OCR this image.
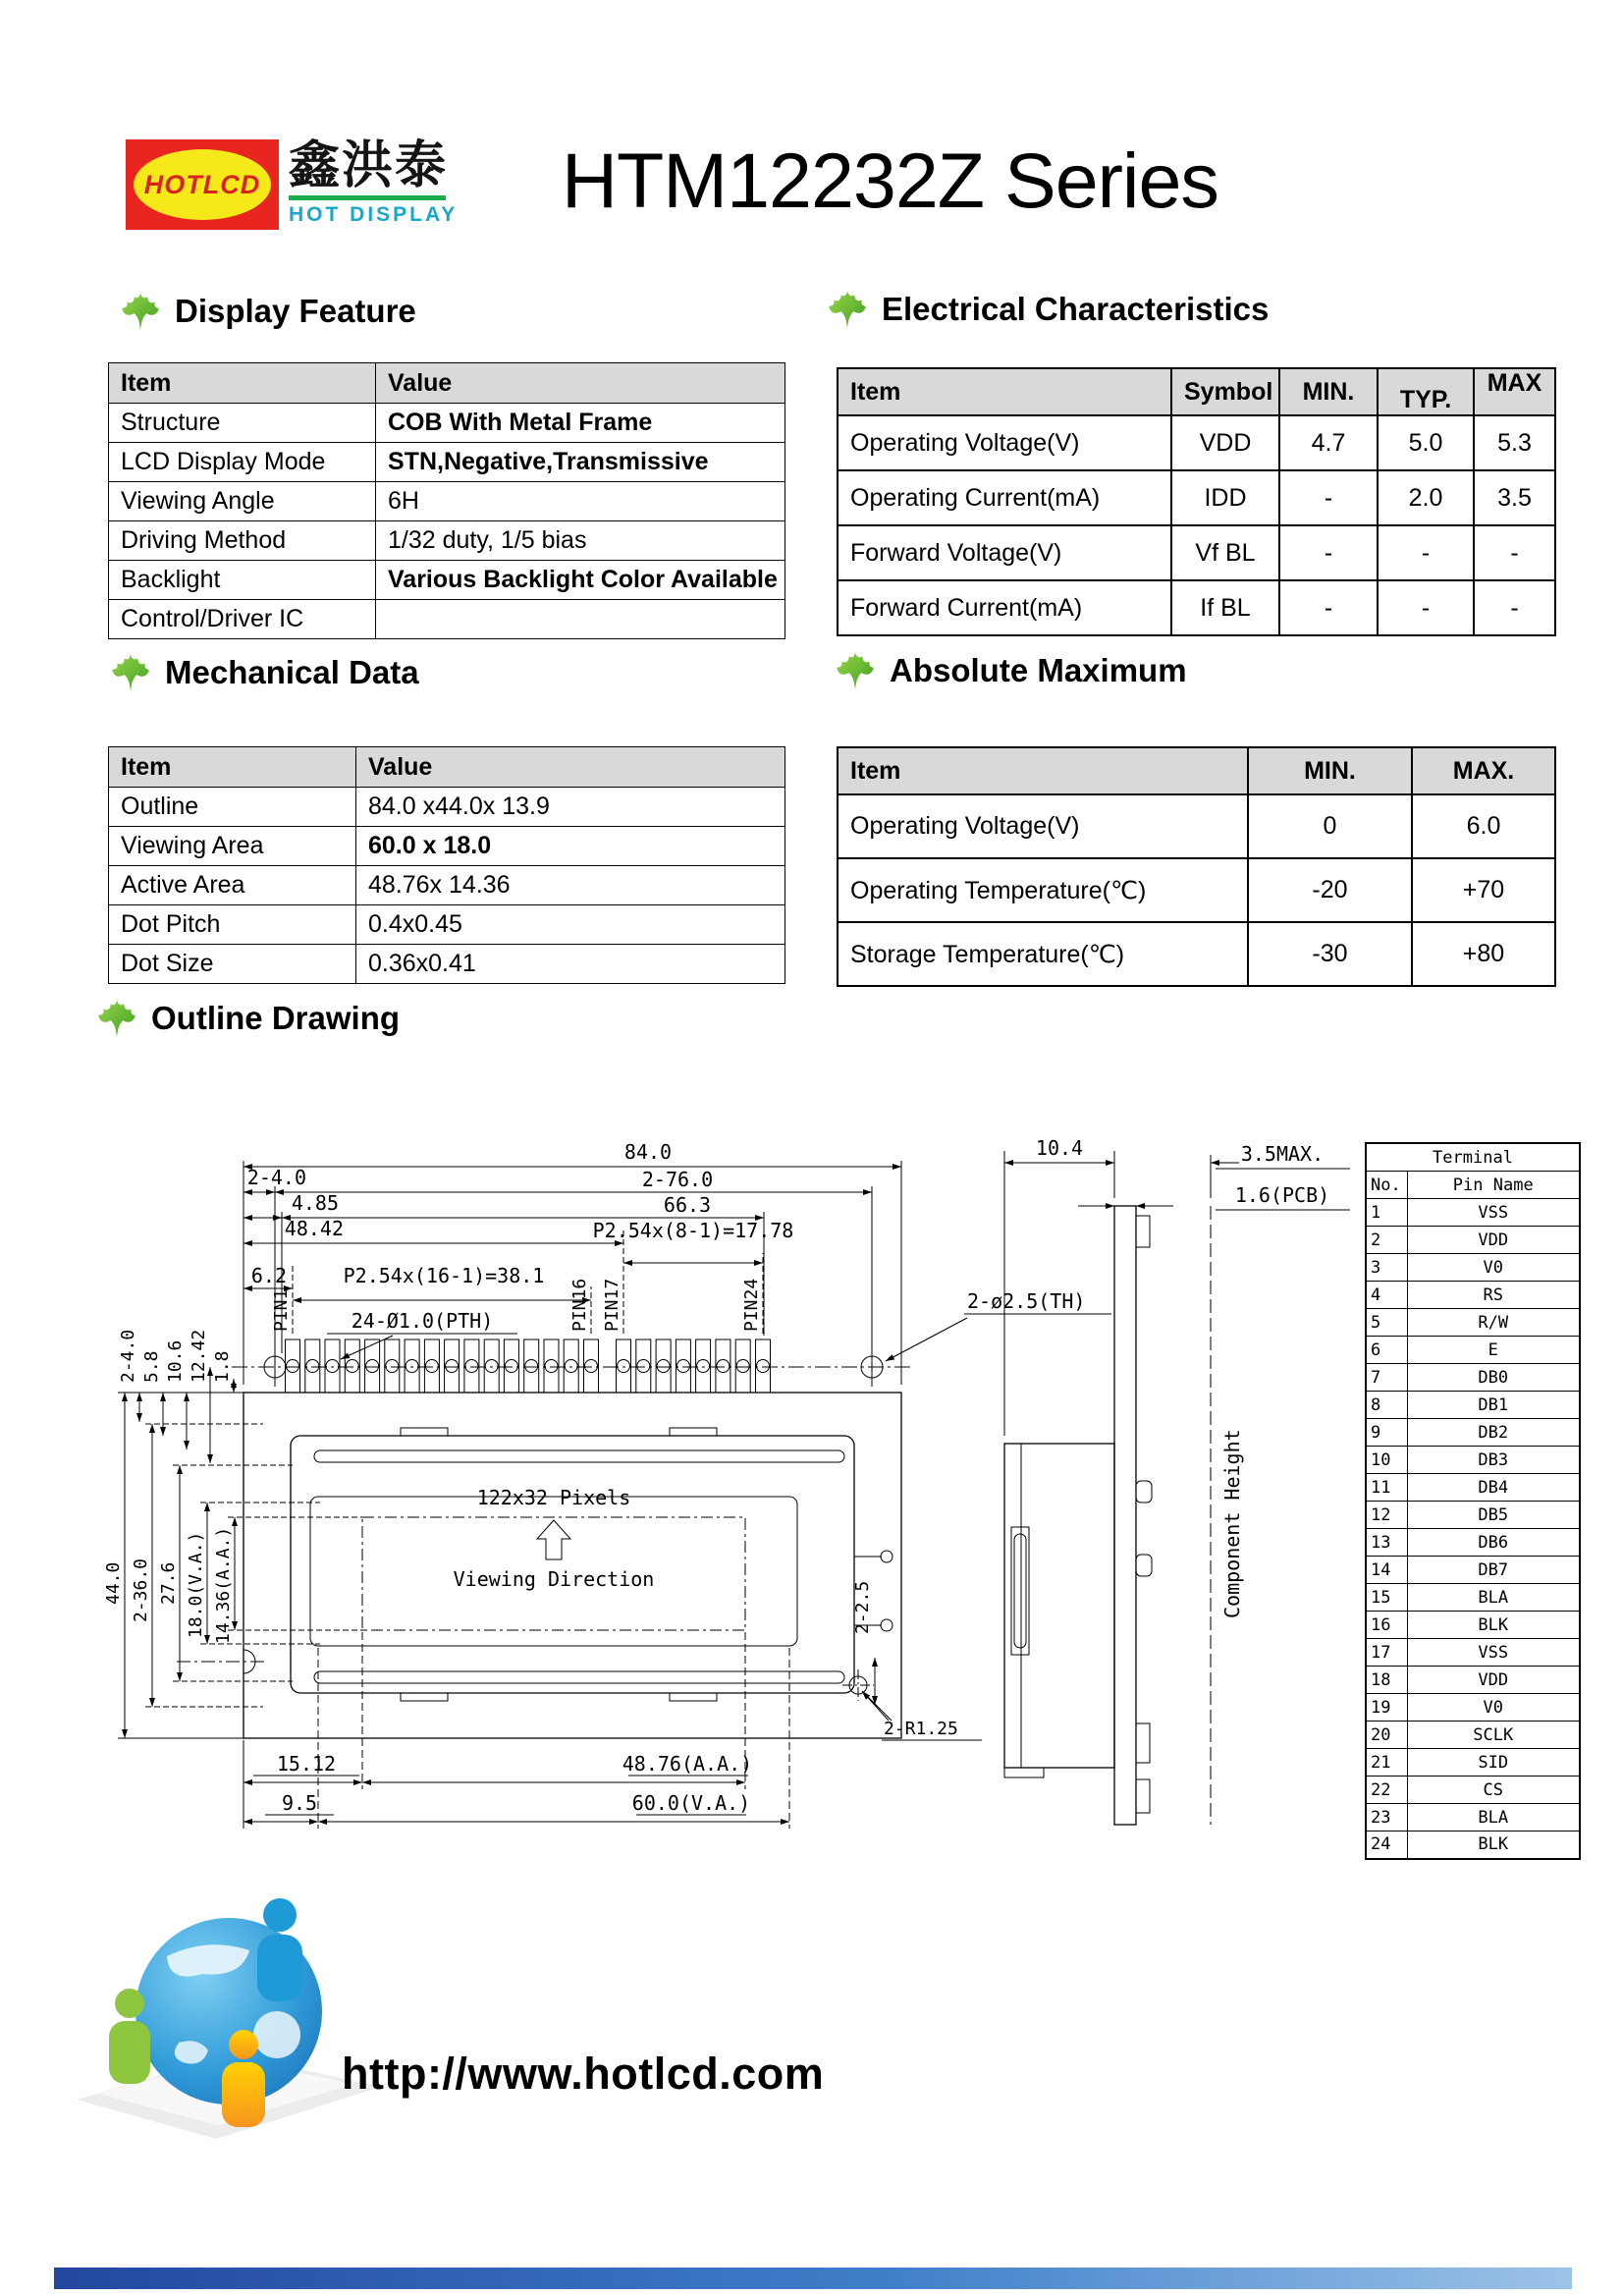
HOTLCD 鑫洪泰
HOT DISPLAY HTM12232Z Series
Display Feature	Electrical Characteristics
Mechanical Data	Absolute Maximum
Outline Drawing
Item	Value
Structure	COB With Metal Frame
LCD Display Mode	STN,Negative,Transmissive
Viewing Angle	6H
Driving Method	1/32 duty, 1/5 bias
Backlight	Various Backlight Color Available
Control/Driver IC	
Item	Symbol	MIN.	TYP.	MAX
Operating Voltage(V)	VDD	4.7	5.0	5.3
Operating Current(mA)	IDD	-	2.0	3.5
Forward Voltage(V)	Vf BL	-	-	-
Forward Current(mA)	If BL	-	-	-
Item	Value
Outline	84.0 x44.0x 13.9
Viewing Area	60.0 x 18.0
Active Area	48.76x 14.36
Dot Pitch	0.4x0.45
Dot Size	0.36x0.41
Item	MIN.	MAX.
Operating Voltage(V)	0	6.0
Operating Temperature(℃)	-20	+70
Storage Temperature(℃)	-30	+80
84.0
2-76.0
2-4.0
66.3
4.85
48.42	P2.54x(8-1)=17.78
6.2	P2.54x(16-1)=38.1
24-Ø1.0(PTH)
PIN1	PIN16 PIN17	PIN24	2-ø2.5(TH)
2-4.0 5.8 10.6 12.42 1.8
44.0 2-36.0 27.6 18.0(V.A.) 14.36(A.A.)
122x32 Pixels
Viewing Direction
15.12	48.76(A.A.)
9.5	60.0(V.A.)
2-2.5
2-R1.25
10.4	3.5MAX.
1.6(PCB)
Component Height
Terminal	
No.	Pin Name
1	VSS
2	VDD
3	V0
4	RS
5	R/W
6	E
7	DB0
8	DB1
9	DB2
10	DB3
11	DB4
12	DB5
13	DB6
14	DB7
15	BLA
16	BLK
17	VSS
18	VDD
19	V0
20	SCLK
21	SID
22	CS
23	BLA
24	BLK
http://www.hotlcd.com
